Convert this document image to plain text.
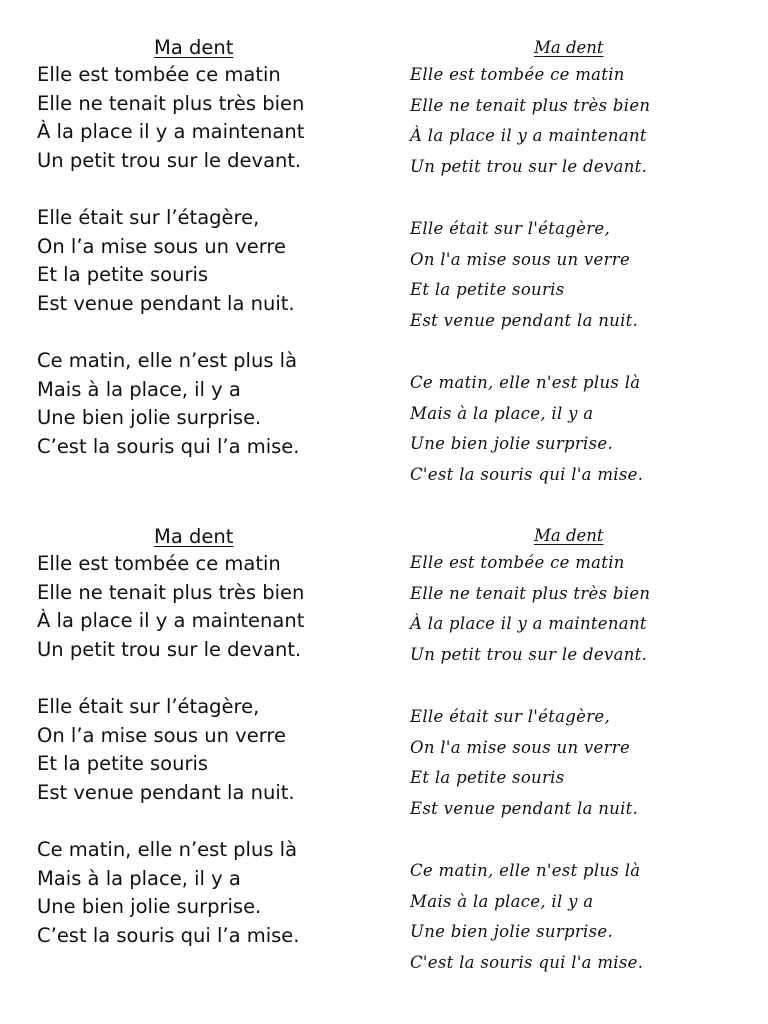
Ma dent
Elle est tombée ce matin
Elle ne tenait plus très bien
À la place il y a maintenant
Un petit trou sur le devant.
Elle était sur l’étagère,
On l’a mise sous un verre
Et la petite souris
Est venue pendant la nuit.
Ce matin, elle n’est plus là
Mais à la place, il y a
Une bien jolie surprise.
C’est la souris qui l’a mise.
Ma dent
Elle est tombée ce matin
Elle ne tenait plus très bien
À la place il y a maintenant
Un petit trou sur le devant.
Elle était sur l'étagère,
On l'a mise sous un verre
Et la petite souris
Est venue pendant la nuit.
Ce matin, elle n'est plus là
Mais à la place, il y a
Une bien jolie surprise.
C'est la souris qui l'a mise.
Ma dent
Elle est tombée ce matin
Elle ne tenait plus très bien
À la place il y a maintenant
Un petit trou sur le devant.
Elle était sur l’étagère,
On l’a mise sous un verre
Et la petite souris
Est venue pendant la nuit.
Ce matin, elle n’est plus là
Mais à la place, il y a
Une bien jolie surprise.
C’est la souris qui l’a mise.
Ma dent
Elle est tombée ce matin
Elle ne tenait plus très bien
À la place il y a maintenant
Un petit trou sur le devant.
Elle était sur l'étagère,
On l'a mise sous un verre
Et la petite souris
Est venue pendant la nuit.
Ce matin, elle n'est plus là
Mais à la place, il y a
Une bien jolie surprise.
C'est la souris qui l'a mise.
